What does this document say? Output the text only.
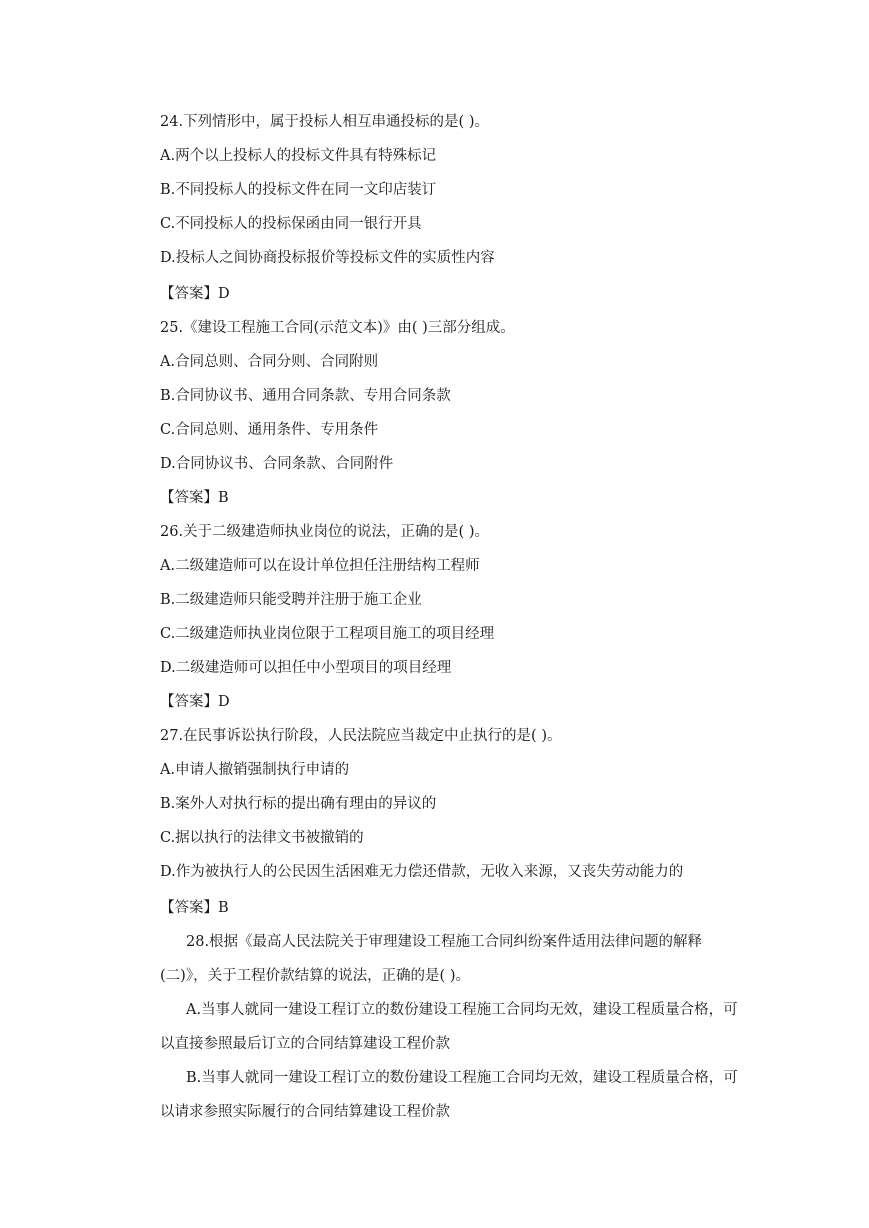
24.下列情形中，属于投标人相互串通投标的是( )。
A.两个以上投标人的投标文件具有特殊标记
B.不同投标人的投标文件在同一文印店装订
C.不同投标人的投标保函由同一银行开具
D.投标人之间协商投标报价等投标文件的实质性内容
【答案】D
25.《建设工程施工合同(示范文本)》由( )三部分组成。
A.合同总则、合同分则、合同附则
B.合同协议书、通用合同条款、专用合同条款
C.合同总则、通用条件、专用条件
D.合同协议书、合同条款、合同附件
【答案】B
26.关于二级建造师执业岗位的说法，正确的是( )。
A.二级建造师可以在设计单位担任注册结构工程师
B.二级建造师只能受聘并注册于施工企业
C.二级建造师执业岗位限于工程项目施工的项目经理
D.二级建造师可以担任中小型项目的项目经理
【答案】D
27.在民事诉讼执行阶段，人民法院应当裁定中止执行的是( )。
A.申请人撤销强制执行申请的
B.案外人对执行标的提出确有理由的异议的
C.据以执行的法律文书被撤销的
D.作为被执行人的公民因生活困难无力偿还借款，无收入来源，又丧失劳动能力的
【答案】B
28.根据《最高人民法院关于审理建设工程施工合同纠纷案件适用法律问题的解释
(二)》，关于工程价款结算的说法，正确的是( )。
A.当事人就同一建设工程订立的数份建设工程施工合同均无效，建设工程质量合格，可
以直接参照最后订立的合同结算建设工程价款
B.当事人就同一建设工程订立的数份建设工程施工合同均无效，建设工程质量合格，可
以请求参照实际履行的合同结算建设工程价款
